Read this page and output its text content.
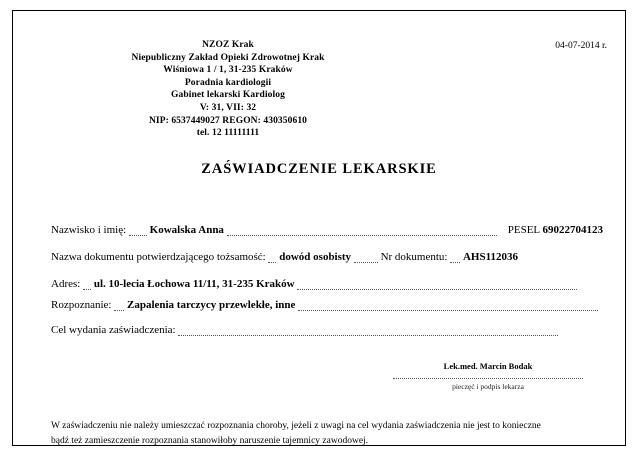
04-07-2014 r.
NZOZ Krak
Niepubliczny Zakład Opieki Zdrowotnej Krak
Wiśniowa 1 / 1, 31-235 Kraków
Poradnia kardiologii
Gabinet lekarski Kardiolog
V: 31, VII: 32
NIP: 6537449027 REGON: 430350610
tel. 12 11111111
ZAŚWIADCZENIE LEKARSKIE
Nazwisko i imię: Kowalska Anna	PESEL 69022704123
Nazwa dokumentu potwierdzającego tożsamość: dowód osobisty	Nr dokumentu: AHS112036
Adres: ul. 10-lecia Łochowa 11/11, 31-235 Kraków
Rozpoznanie: Zapalenia tarczycy przewlekłe, inne
Cel wydania zaświadczenia:
Lek.med. Marcin Bodak
pieczęć i podpis lekarza
W zaświadczeniu nie należy umieszczać rozpoznania choroby, jeżeli z uwagi na cel wydania zaświadczenia nie jest to konieczne
bądź też zamieszczenie rozpoznania stanowiłoby naruszenie tajemnicy zawodowej.
